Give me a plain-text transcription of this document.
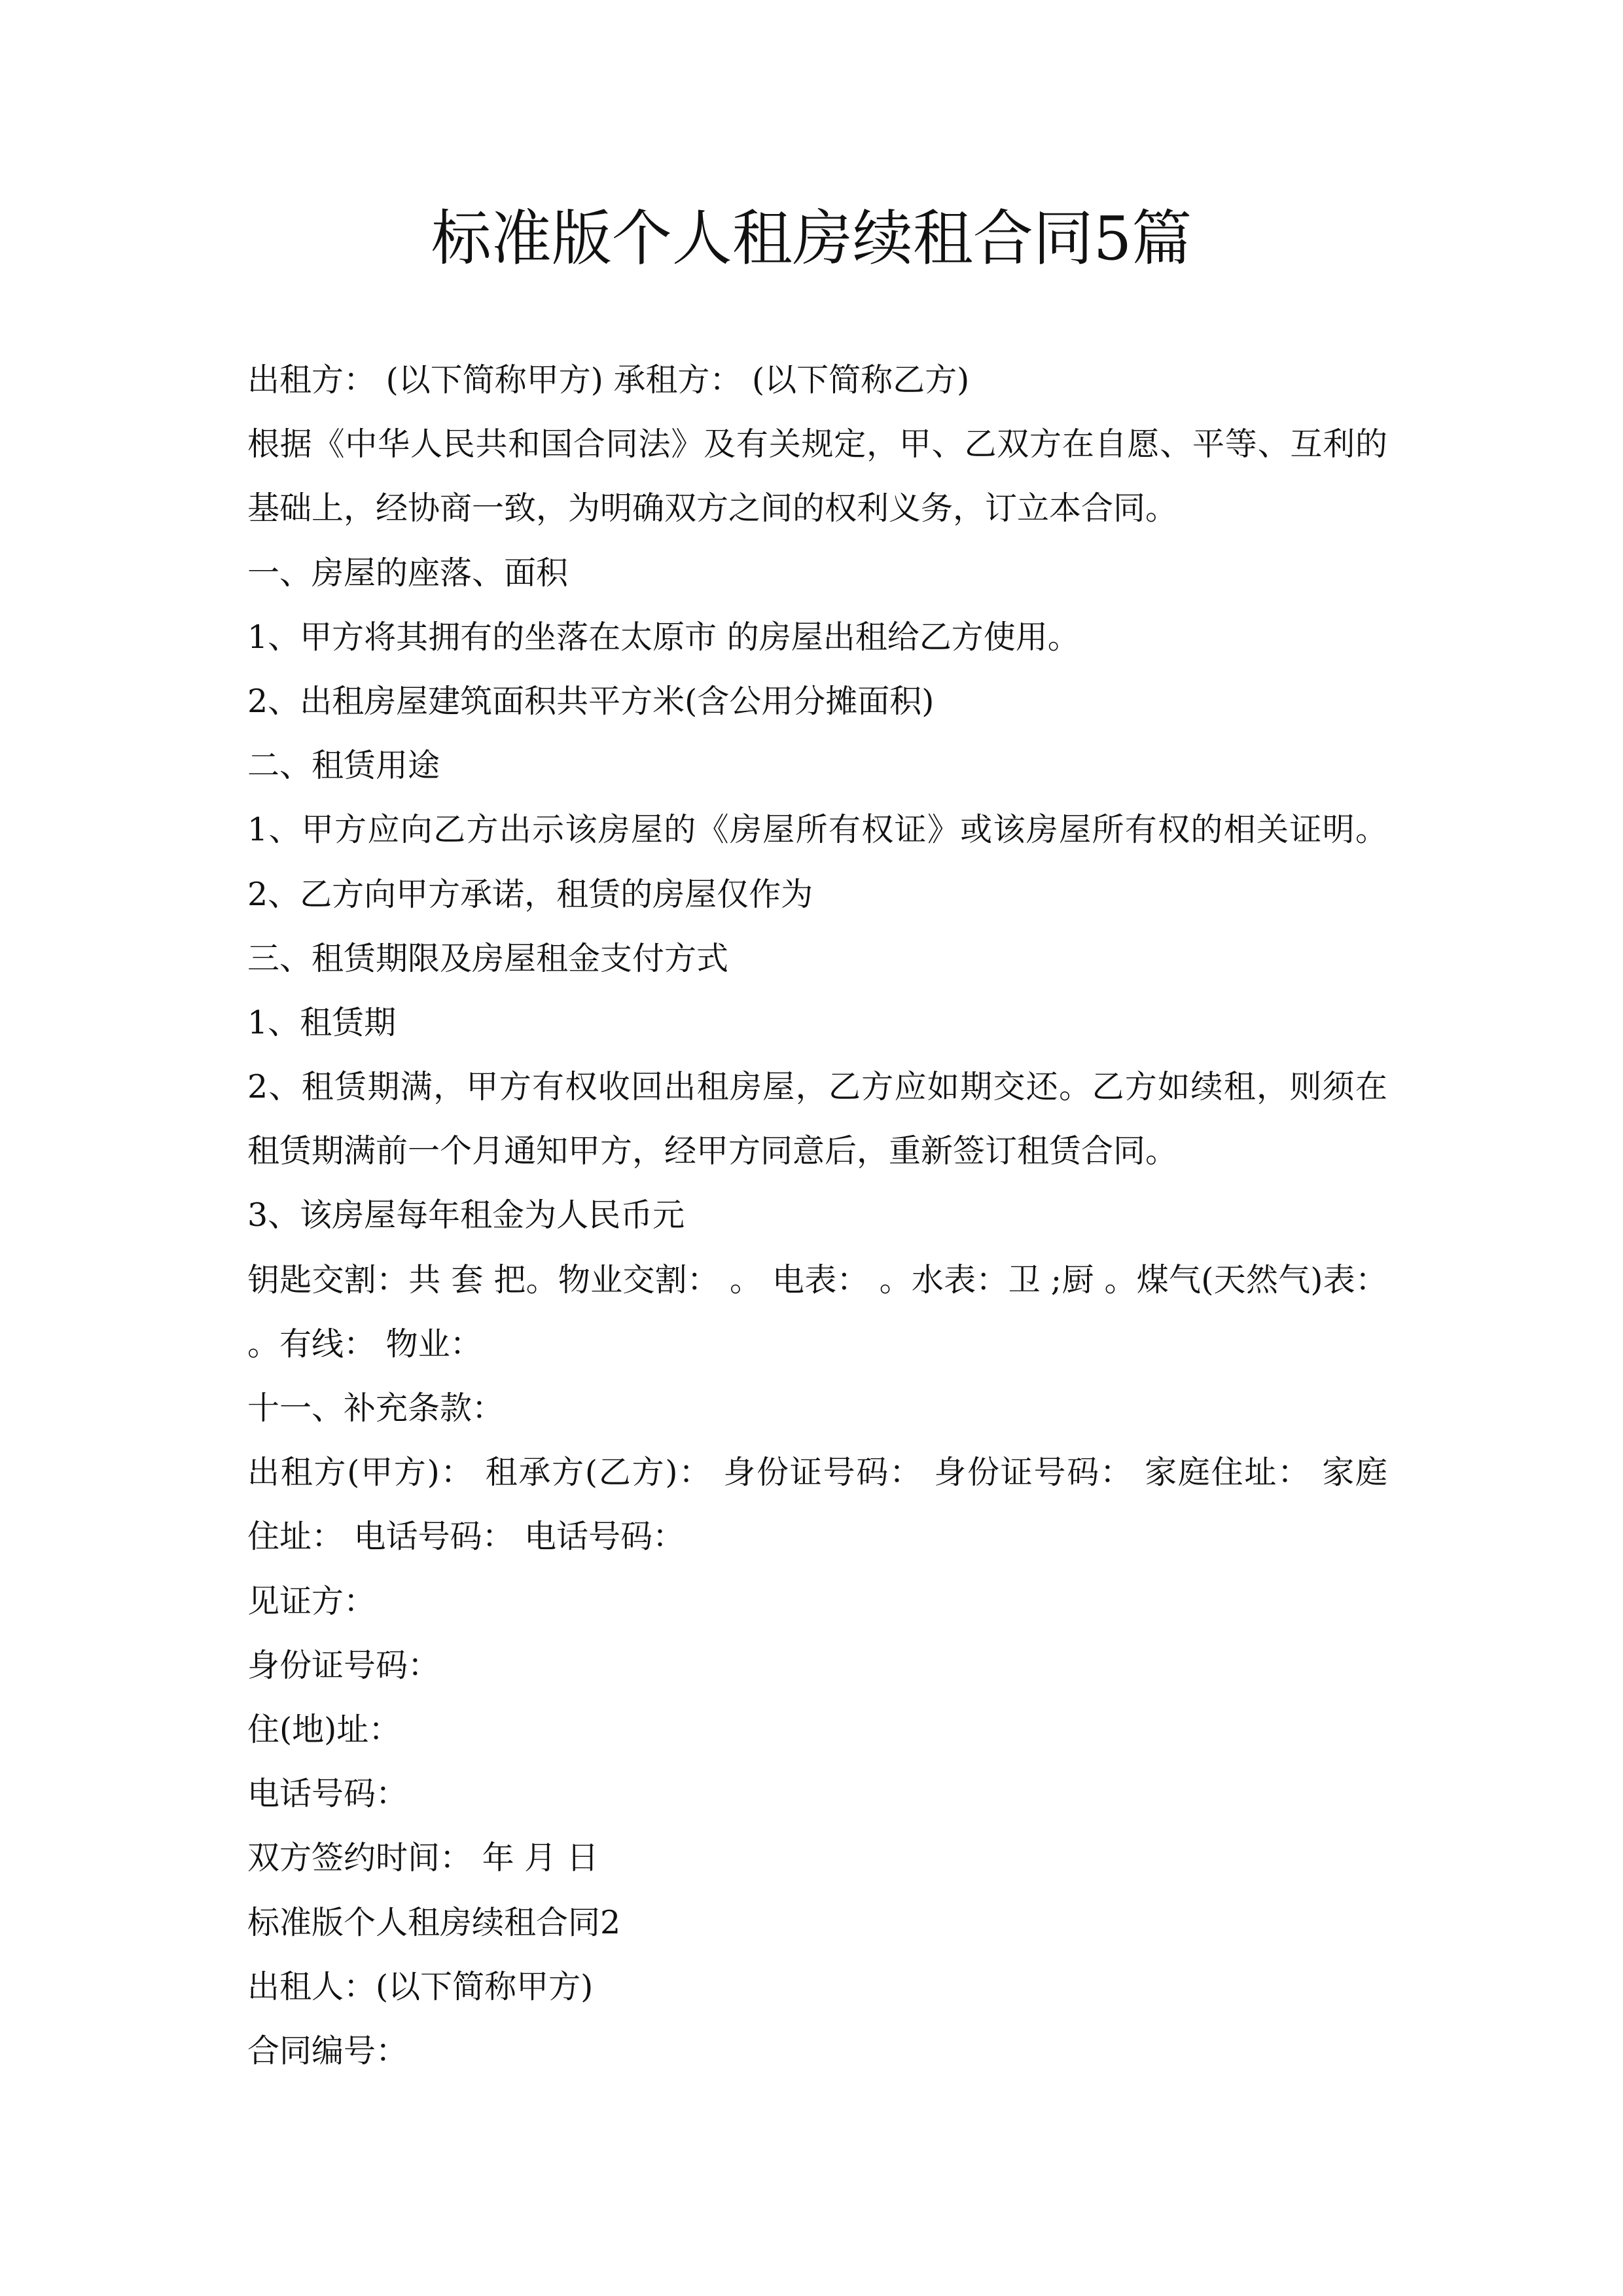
标准版个人租房续租合同5篇
出租方： (以下简称甲方) 承租方： (以下简称乙方)
根据《中华人民共和国合同法》及有关规定，甲、乙双方在自愿、平等、互利的
基础上，经协商一致，为明确双方之间的权利义务，订立本合同。
一、房屋的座落、面积
1、甲方将其拥有的坐落在太原市 的房屋出租给乙方使用。
2、出租房屋建筑面积共平方米(含公用分摊面积)
二、租赁用途
1、甲方应向乙方出示该房屋的《房屋所有权证》或该房屋所有权的相关证明。
2、乙方向甲方承诺，租赁的房屋仅作为
三、租赁期限及房屋租金支付方式
1、租赁期
2、租赁期满，甲方有权收回出租房屋，乙方应如期交还。乙方如续租，则须在
租赁期满前一个月通知甲方，经甲方同意后，重新签订租赁合同。
3、该房屋每年租金为人民币元
钥匙交割：共 套 把。物业交割： 。 电表： 。水表：卫 ;厨 。煤气(天然气)表：
。有线： 物业：
十一、补充条款：
出租方(甲方)： 租承方(乙方)： 身份证号码： 身份证号码： 家庭住址： 家庭
住址： 电话号码： 电话号码：
见证方：
身份证号码：
住(地)址：
电话号码：
双方签约时间： 年 月 日
标准版个人租房续租合同2
出租人：(以下简称甲方)
合同编号：
